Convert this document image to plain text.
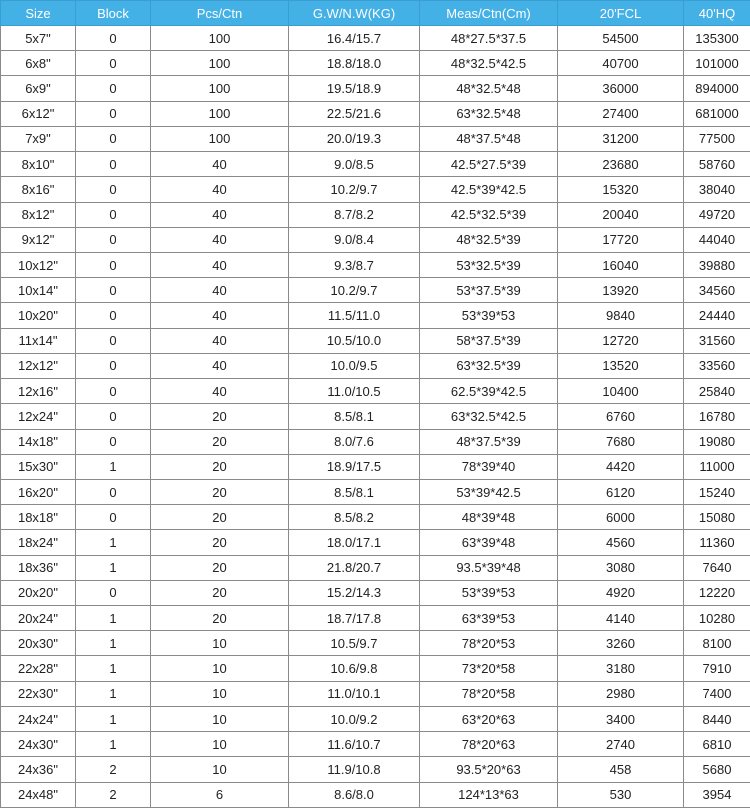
Size	Block	Pcs/Ctn	G.W/N.W(KG)	Meas/Ctn(Cm)	20'FCL	40'HQ
5x7"	0	100	16.4/15.7	48*27.5*37.5	54500	135300
6x8"	0	100	18.8/18.0	48*32.5*42.5	40700	101000
6x9"	0	100	19.5/18.9	48*32.5*48	36000	894000
6x12"	0	100	22.5/21.6	63*32.5*48	27400	681000
7x9"	0	100	20.0/19.3	48*37.5*48	31200	77500
8x10"	0	40	9.0/8.5	42.5*27.5*39	23680	58760
8x16"	0	40	10.2/9.7	42.5*39*42.5	15320	38040
8x12"	0	40	8.7/8.2	42.5*32.5*39	20040	49720
9x12"	0	40	9.0/8.4	48*32.5*39	17720	44040
10x12"	0	40	9.3/8.7	53*32.5*39	16040	39880
10x14"	0	40	10.2/9.7	53*37.5*39	13920	34560
10x20"	0	40	11.5/11.0	53*39*53	9840	24440
11x14"	0	40	10.5/10.0	58*37.5*39	12720	31560
12x12"	0	40	10.0/9.5	63*32.5*39	13520	33560
12x16"	0	40	11.0/10.5	62.5*39*42.5	10400	25840
12x24"	0	20	8.5/8.1	63*32.5*42.5	6760	16780
14x18"	0	20	8.0/7.6	48*37.5*39	7680	19080
15x30"	1	20	18.9/17.5	78*39*40	4420	11000
16x20"	0	20	8.5/8.1	53*39*42.5	6120	15240
18x18"	0	20	8.5/8.2	48*39*48	6000	15080
18x24"	1	20	18.0/17.1	63*39*48	4560	11360
18x36"	1	20	21.8/20.7	93.5*39*48	3080	7640
20x20"	0	20	15.2/14.3	53*39*53	4920	12220
20x24"	1	20	18.7/17.8	63*39*53	4140	10280
20x30"	1	10	10.5/9.7	78*20*53	3260	8100
22x28"	1	10	10.6/9.8	73*20*58	3180	7910
22x30"	1	10	11.0/10.1	78*20*58	2980	7400
24x24"	1	10	10.0/9.2	63*20*63	3400	8440
24x30"	1	10	11.6/10.7	78*20*63	2740	6810
24x36"	2	10	11.9/10.8	93.5*20*63	458	5680
24x48"	2	6	8.6/8.0	124*13*63	530	3954
